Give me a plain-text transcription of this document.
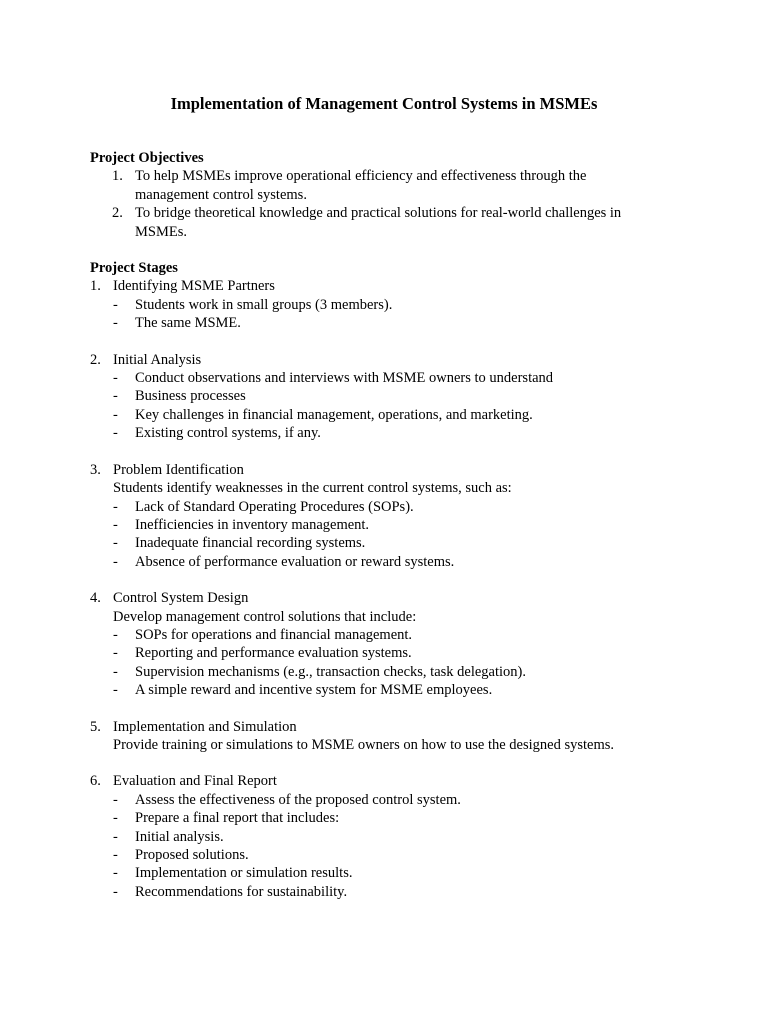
Implementation of Management Control Systems in MSMEs
Project Objectives
1. To help MSMEs improve operational efficiency and effectiveness through the management control systems.
2. To bridge theoretical knowledge and practical solutions for real-world challenges in MSMEs.
Project Stages
1. Identifying MSME Partners
- Students work in small groups (3 members).
- The same MSME.
2. Initial Analysis
- Conduct observations and interviews with MSME owners to understand
- Business processes
- Key challenges in financial management, operations, and marketing.
- Existing control systems, if any.
3. Problem Identification
Students identify weaknesses in the current control systems, such as:
- Lack of Standard Operating Procedures (SOPs).
- Inefficiencies in inventory management.
- Inadequate financial recording systems.
- Absence of performance evaluation or reward systems.
4. Control System Design
Develop management control solutions that include:
- SOPs for operations and financial management.
- Reporting and performance evaluation systems.
- Supervision mechanisms (e.g., transaction checks, task delegation).
- A simple reward and incentive system for MSME employees.
5. Implementation and Simulation
Provide training or simulations to MSME owners on how to use the designed systems.
6. Evaluation and Final Report
- Assess the effectiveness of the proposed control system.
- Prepare a final report that includes:
- Initial analysis.
- Proposed solutions.
- Implementation or simulation results.
- Recommendations for sustainability.
